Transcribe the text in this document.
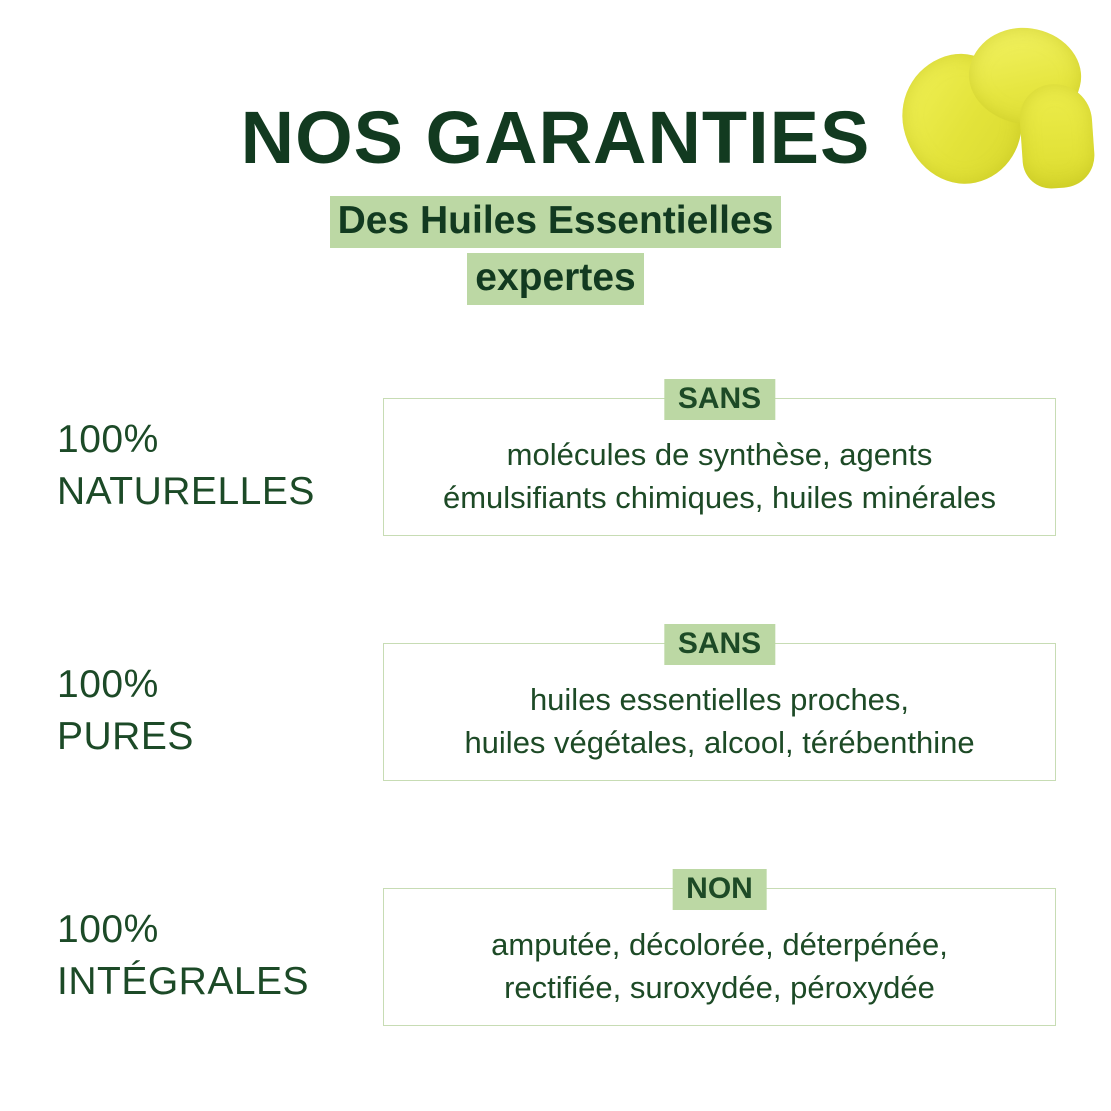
NOS GARANTIES
Des Huiles Essentielles
expertes
100%
NATURELLES
SANS
molécules de synthèse, agents
émulsifiants chimiques, huiles minérales
100%
PURES
SANS
huiles essentielles proches,
huiles végétales, alcool, térébenthine
100%
INTÉGRALES
NON
amputée, décolorée, déterpénée,
rectifiée, suroxydée, péroxydée
